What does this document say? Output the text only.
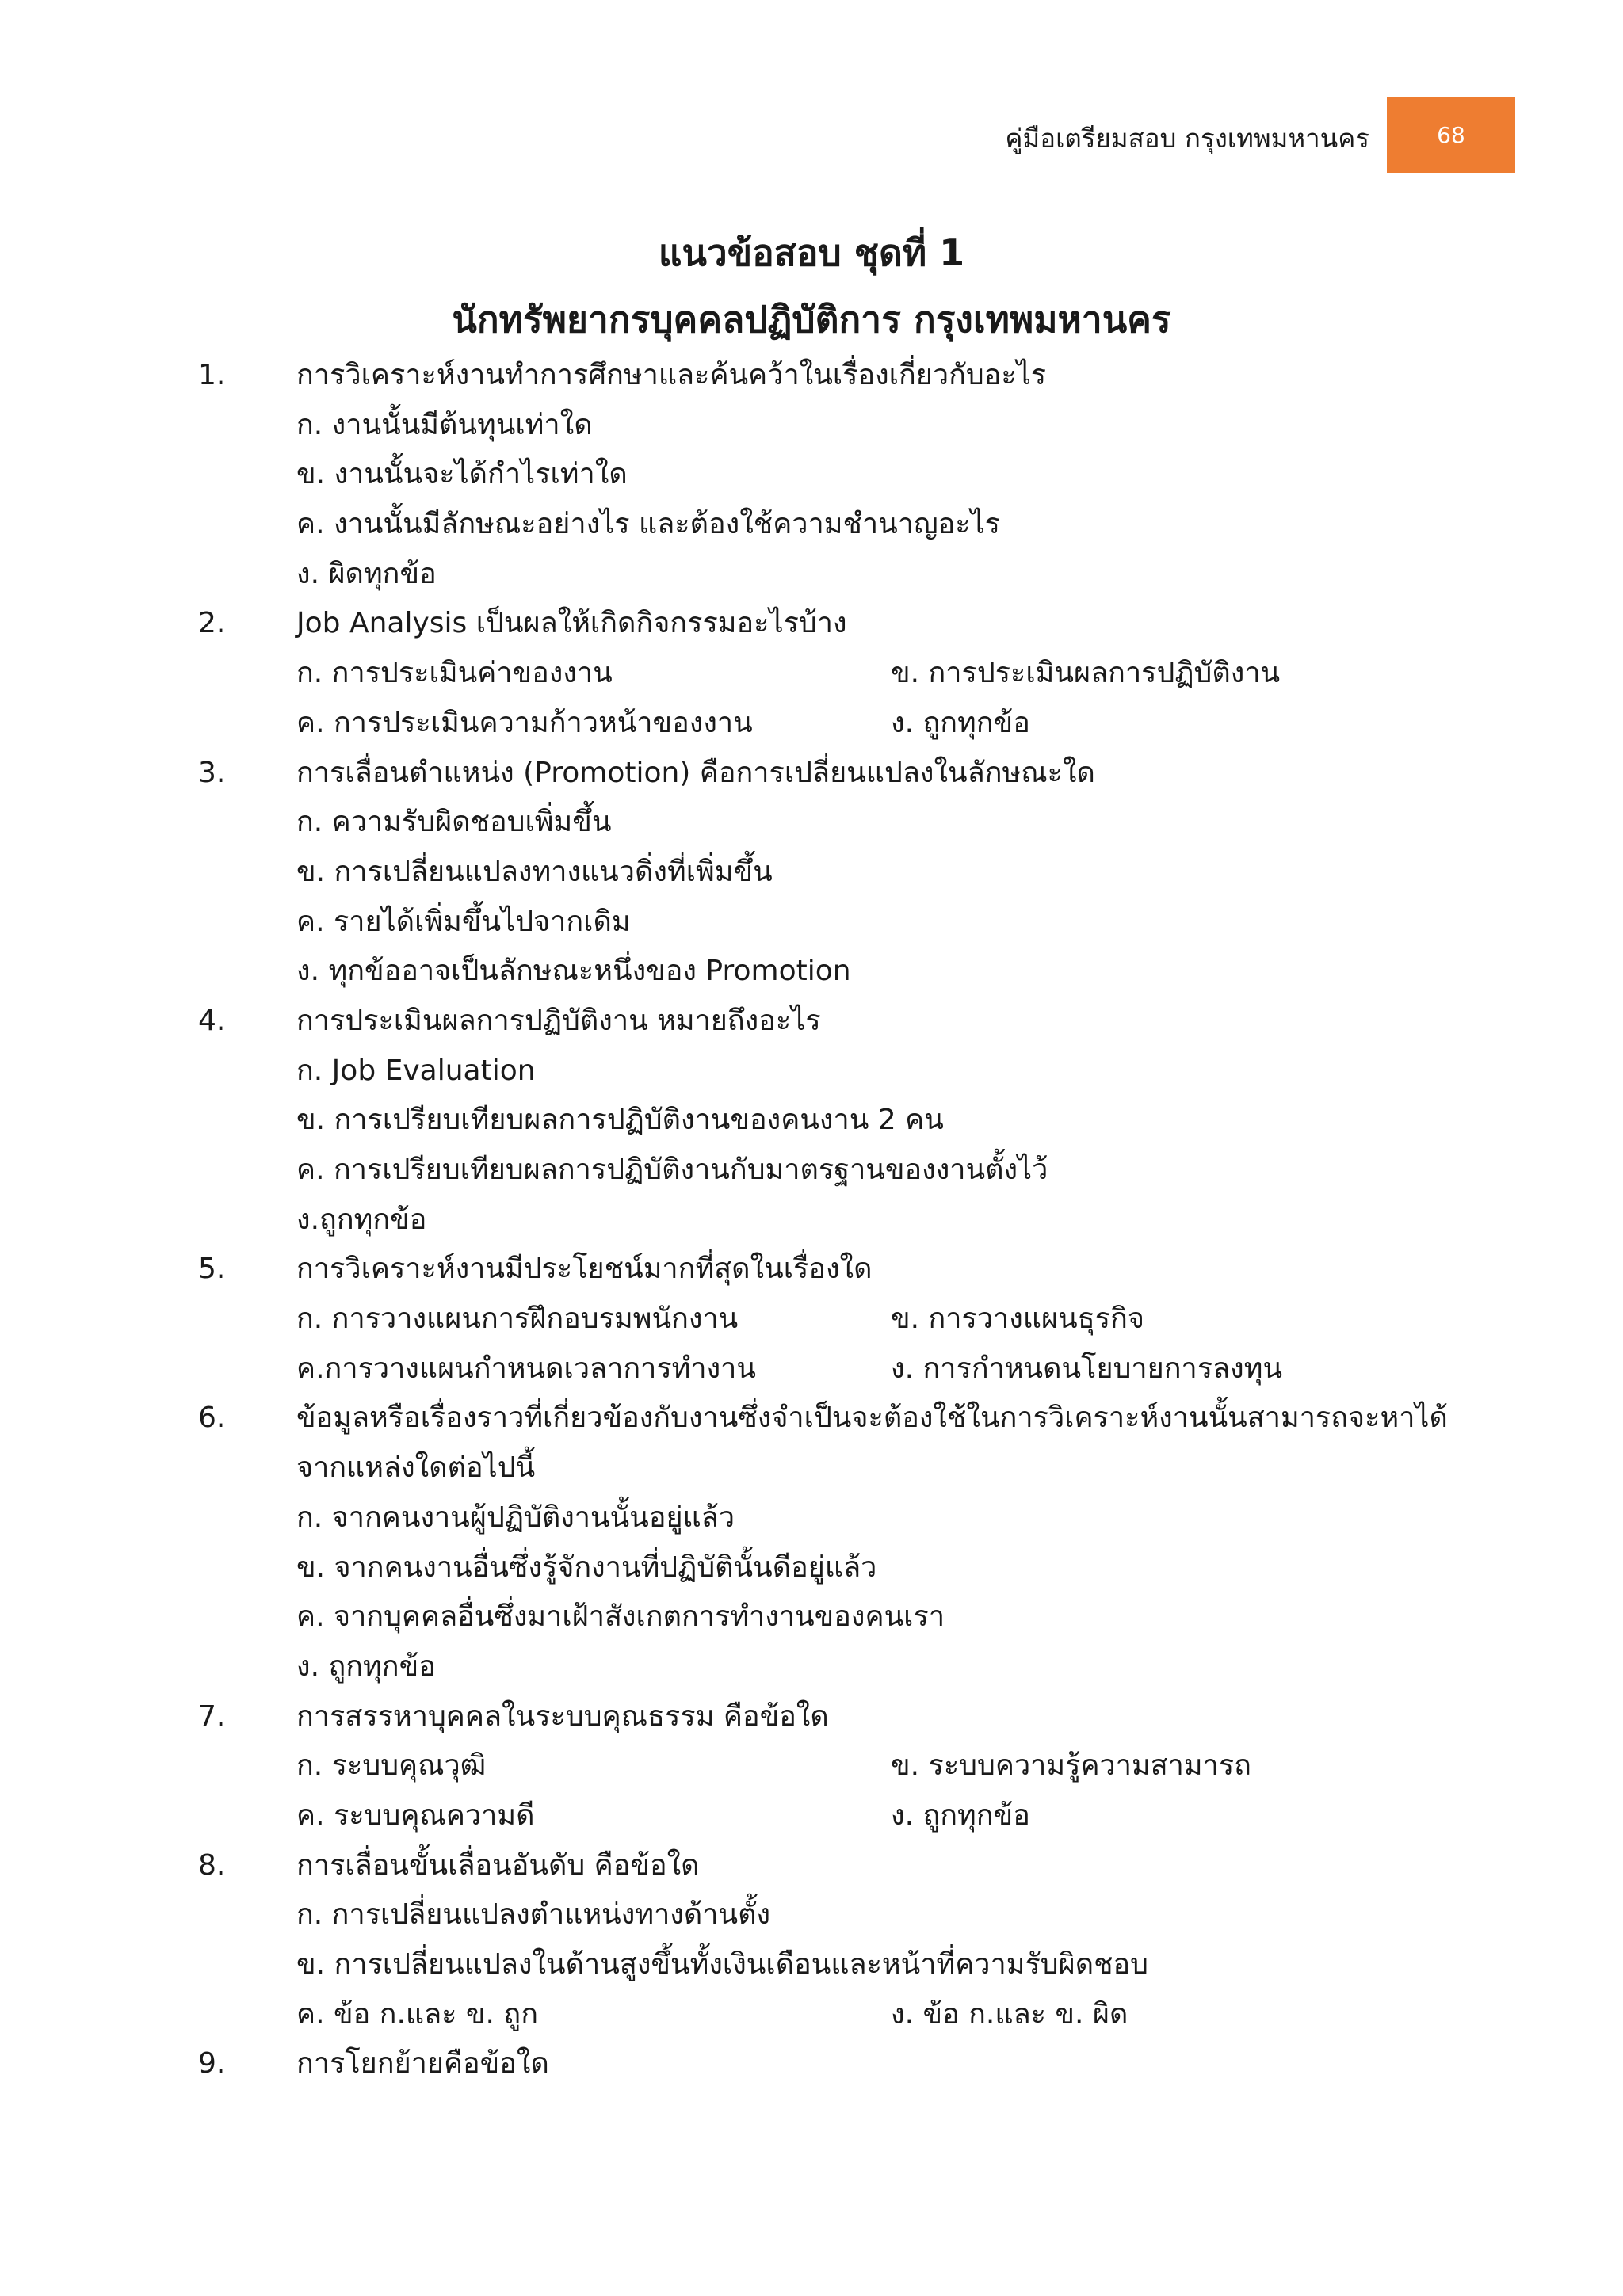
คู่มือเตรียมสอบ กรุงเทพมหานคร	68
แนวข้อสอบ ชุดที่ 1
นักทรัพยากรบุคคลปฏิบัติการ กรุงเทพมหานคร
1. การวิเคราะห์งานทำการศึกษาและค้นคว้าในเรื่องเกี่ยวกับอะไร
ก. งานนั้นมีต้นทุนเท่าใด
ข. งานนั้นจะได้กำไรเท่าใด
ค. งานนั้นมีลักษณะอย่างไร และต้องใช้ความชำนาญอะไร
ง. ผิดทุกข้อ
2. Job Analysis เป็นผลให้เกิดกิจกรรมอะไรบ้าง
ก. การประเมินค่าของงาน	ข. การประเมินผลการปฏิบัติงาน
ค. การประเมินความก้าวหน้าของงาน	ง. ถูกทุกข้อ
3. การเลื่อนตำแหน่ง (Promotion) คือการเปลี่ยนแปลงในลักษณะใด
ก. ความรับผิดชอบเพิ่มขึ้น
ข. การเปลี่ยนแปลงทางแนวดิ่งที่เพิ่มขึ้น
ค. รายได้เพิ่มขึ้นไปจากเดิม
ง. ทุกข้ออาจเป็นลักษณะหนึ่งของ Promotion
4. การประเมินผลการปฏิบัติงาน หมายถึงอะไร
ก. Job Evaluation
ข. การเปรียบเทียบผลการปฏิบัติงานของคนงาน 2 คน
ค. การเปรียบเทียบผลการปฏิบัติงานกับมาตรฐานของงานตั้งไว้
ง.ถูกทุกข้อ
5. การวิเคราะห์งานมีประโยชน์มากที่สุดในเรื่องใด
ก. การวางแผนการฝึกอบรมพนักงาน	ข. การวางแผนธุรกิจ
ค.การวางแผนกำหนดเวลาการทำงาน	ง. การกำหนดนโยบายการลงทุน
6. ข้อมูลหรือเรื่องราวที่เกี่ยวข้องกับงานซึ่งจำเป็นจะต้องใช้ในการวิเคราะห์งานนั้นสามารถจะหาได้
จากแหล่งใดต่อไปนี้
ก. จากคนงานผู้ปฏิบัติงานนั้นอยู่แล้ว
ข. จากคนงานอื่นซึ่งรู้จักงานที่ปฏิบัตินั้นดีอยู่แล้ว
ค. จากบุคคลอื่นซึ่งมาเฝ้าสังเกตการทำงานของคนเรา
ง. ถูกทุกข้อ
7. การสรรหาบุคคลในระบบคุณธรรม คือข้อใด
ก. ระบบคุณวุฒิ	ข. ระบบความรู้ความสามารถ
ค. ระบบคุณความดี	ง. ถูกทุกข้อ
8. การเลื่อนขั้นเลื่อนอันดับ คือข้อใด
ก. การเปลี่ยนแปลงตำแหน่งทางด้านตั้ง
ข. การเปลี่ยนแปลงในด้านสูงขึ้นทั้งเงินเดือนและหน้าที่ความรับผิดชอบ
ค. ข้อ ก.และ ข. ถูก	ง. ข้อ ก.และ ข. ผิด
9. การโยกย้ายคือข้อใด
